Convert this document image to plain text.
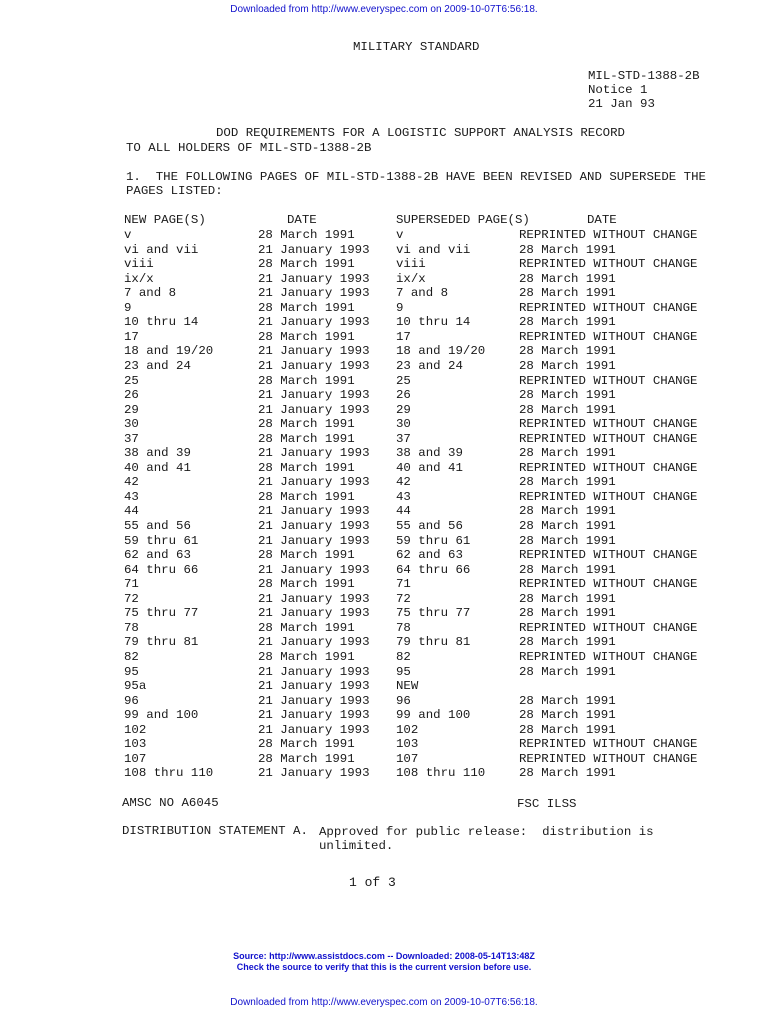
Downloaded from http://www.everyspec.com on 2009-10-07T6:56:18.
MILITARY STANDARD
MIL-STD-1388-2B
Notice 1
21 Jan 93
DOD REQUIREMENTS FOR A LOGISTIC SUPPORT ANALYSIS RECORD
TO ALL HOLDERS OF MIL-STD-1388-2B
1.  THE FOLLOWING PAGES OF MIL-STD-1388-2B HAVE BEEN REVISED AND SUPERSEDE THE
PAGES LISTED:

NEW PAGE(S)

	DATE

	SUPERSEDED PAGE(S)

	DATE

v	28 March 1991	v	REPRINTED WITHOUT CHANGE
vi and vii	21 January 1993 vi and vii	28 March 1991
viii	28 March 1991	viii	REPRINTED WITHOUT CHANGE
ix/x	21 January 1993 ix/x	28 March 1991
7 and 8	21 January 1993 7 and 8	28 March 1991
9	28 March 1991	9	REPRINTED WITHOUT CHANGE
10 thru 14	21 January 1993 10 thru 14	28 March 1991
17	28 March 1991	17	REPRINTED WITHOUT CHANGE
18 and 19/20	21 January 1993 18 and 19/20	28 March 1991
23 and 24	21 January 1993 23 and 24	28 March 1991
25	28 March 1991	25	REPRINTED WITHOUT CHANGE
26	21 January 1993 26	28 March 1991
29	21 January 1993 29	28 March 1991
30	28 March 1991	30	REPRINTED WITHOUT CHANGE
37	28 March 1991	37	REPRINTED WITHOUT CHANGE
38 and 39	21 January 1993 38 and 39	28 March 1991
40 and 41	28 March 1991	40 and 41	REPRINTED WITHOUT CHANGE
42	21 January 1993 42	28 March 1991
43	28 March 1991	43	REPRINTED WITHOUT CHANGE
44	21 January 1993 44	28 March 1991
55 and 56	21 January 1993 55 and 56	28 March 1991
59 thru 61	21 January 1993 59 thru 61	28 March 1991
62 and 63	28 March 1991	62 and 63	REPRINTED WITHOUT CHANGE
64 thru 66	21 January 1993 64 thru 66	28 March 1991
71	28 March 1991	71	REPRINTED WITHOUT CHANGE
72	21 January 1993 72	28 March 1991
75 thru 77	21 January 1993 75 thru 77	28 March 1991
78	28 March 1991	78	REPRINTED WITHOUT CHANGE
79 thru 81	21 January 1993 79 thru 81	28 March 1991
82	28 March 1991	82	REPRINTED WITHOUT CHANGE
95	21 January 1993 95	28 March 1991
95a	21 January 1993 NEW
96	21 January 1993 96	28 March 1991
99 and 100	21 January 1993 99 and 100	28 March 1991
102	21 January 1993 102	28 March 1991
103	28 March 1991	103	REPRINTED WITHOUT CHANGE
107	28 March 1991	107	REPRINTED WITHOUT CHANGE
108 thru 110	21 January 1993 108 thru 110	28 March 1991

AMSC NO A6045	FSC ILSS
DISTRIBUTION STATEMENT A. Approved for public release:  distribution is
unlimited.
1 of 3
Source: http://www.assistdocs.com -- Downloaded: 2008-05-14T13:48Z
Check the source to verify that this is the current version before use.
Downloaded from http://www.everyspec.com on 2009-10-07T6:56:18.
